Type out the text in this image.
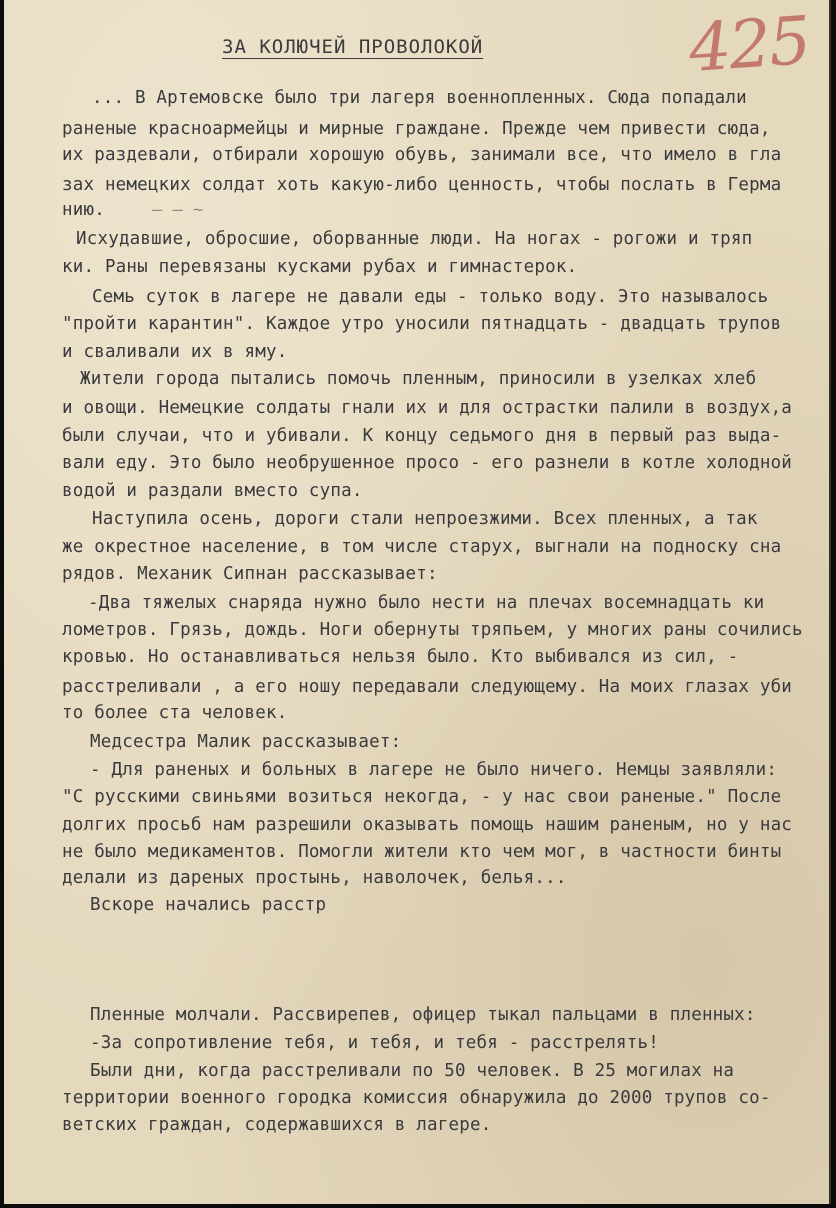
425
ЗА КОЛЮЧЕЙ ПРОВОЛОКОЙ
– – ~
... В Артемовске было три лагеря военнопленных. Сюда попадали
раненые красноармейцы и мирные граждане. Прежде чем привести сюда,
их раздевали, отбирали хорошую обувь, занимали все, что имело в гла
зах немецких солдат хоть какую-либо ценность, чтобы послать в Герма
нию.
Исхудавшие, обросшие, оборванные люди. На ногах - рогожи и тряп
ки. Раны перевязаны кусками рубах и гимнастерок.
Семь суток в лагере не давали еды - только воду. Это называлось
"пройти карантин". Каждое утро уносили пятнадцать - двадцать трупов
и сваливали их в яму.
Жители города пытались помочь пленным, приносили в узелках хлеб
и овощи. Немецкие солдаты гнали их и для острастки палили в воздух,а
были случаи, что и убивали. К концу седьмого дня в первый раз выда-
вали еду. Это было необрушенное просо - его разнели в котле холодной
водой и раздали вместо супа.
Наступила осень, дороги стали непроезжими. Всех пленных, а так
же окрестное население, в том числе старух, выгнали на подноску сна
рядов. Механик Сипнан рассказывает:
-Два тяжелых снаряда нужно было нести на плечах восемнадцать ки
лометров. Грязь, дождь. Ноги обернуты тряпьем, у многих раны сочились
кровью. Но останавливаться нельзя было. Кто выбивался из сил, -
расстреливали , а его ношу передавали следующему. На моих глазах уби
то более ста человек.
Медсестра Малик рассказывает:
- Для раненых и больных в лагере не было ничего. Немцы заявляли:
"С русскими свиньями возиться некогда, - у нас свои раненые." После
долгих просьб нам разрешили оказывать помощь нашим раненым, но у нас
не было медикаментов. Помогли жители кто чем мог, в частности бинты
делали из дареных простынь, наволочек, белья...
Вскоре начались расстр
Пленные молчали. Рассвирепев, офицер тыкал пальцами в пленных:
-За сопротивление тебя, и тебя, и тебя - расстрелять!
Были дни, когда расстреливали по 50 человек. В 25 могилах на
территории военного городка комиссия обнаружила до 2000 трупов со-
ветских граждан, содержавшихся в лагере.
